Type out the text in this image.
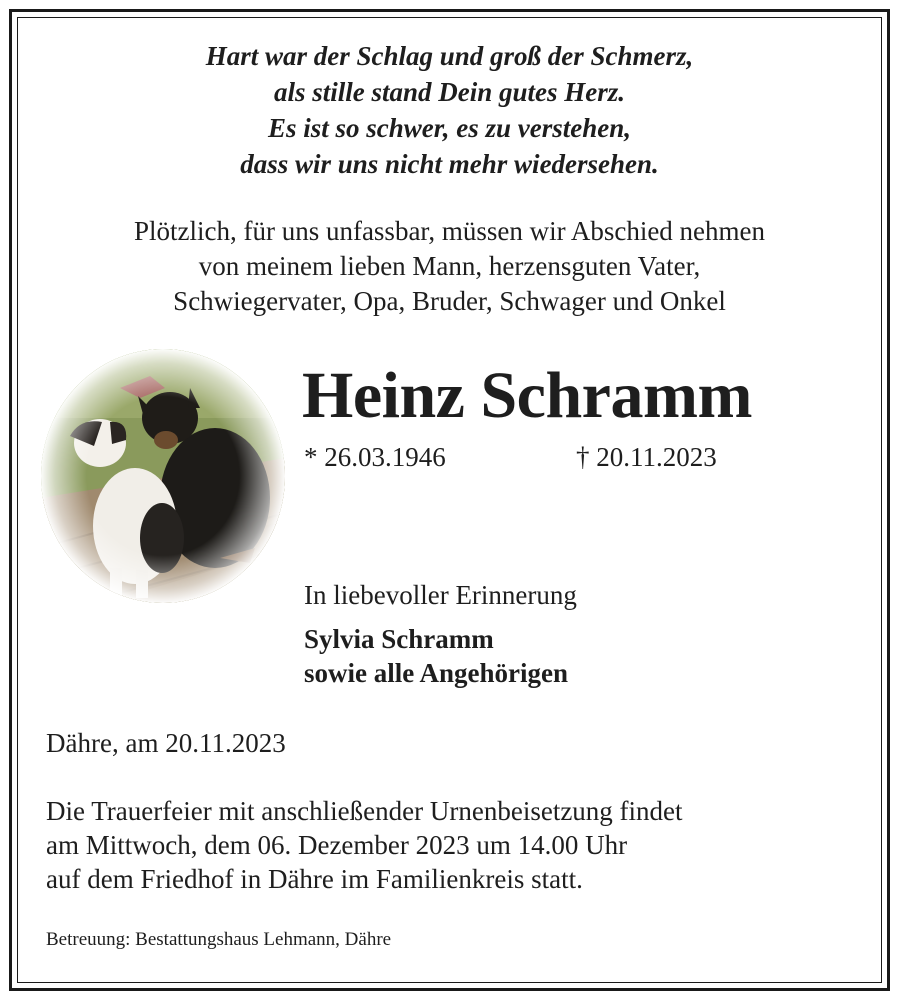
Hart war der Schlag und groß der Schmerz,
als stille stand Dein gutes Herz.
Es ist so schwer, es zu verstehen,
dass wir uns nicht mehr wiedersehen.
Plötzlich, für uns unfassbar, müssen wir Abschied nehmen
von meinem lieben Mann, herzensguten Vater,
Schwiegervater, Opa, Bruder, Schwager und Onkel
Heinz Schramm
* 26.03.1946	† 20.11.2023
In liebevoller Erinnerung
Sylvia Schramm
sowie alle Angehörigen
Dähre, am 20.11.2023
Die Trauerfeier mit anschließender Urnenbeisetzung findet
am Mittwoch, dem 06. Dezember 2023 um 14.00 Uhr
auf dem Friedhof in Dähre im Familienkreis statt.
Betreuung: Bestattungshaus Lehmann, Dähre
